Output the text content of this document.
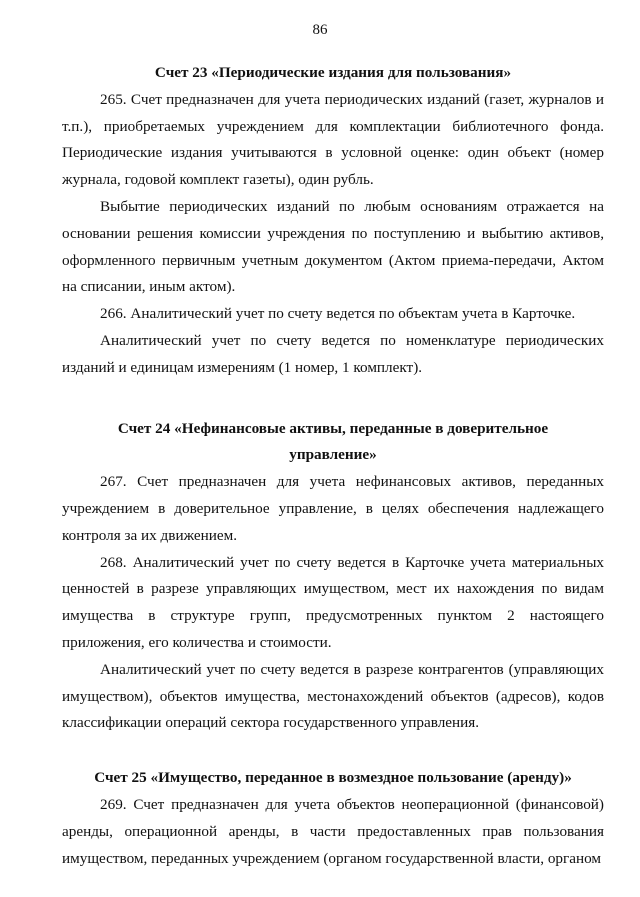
86
Счет 23 «Периодические издания для пользования»

265. Счет предназначен для учета периодических изданий (газет, журналов и т.п.), приобретаемых учреждением для комплектации библиотечного фонда. Периодические издания учитываются в условной оценке: один объект (номер журнала, годовой комплект газеты), один рубль.

Выбытие периодических изданий по любым основаниям отражается на основании решения комиссии учреждения по поступлению и выбытию активов, оформленного первичным учетным документом (Актом приема-передачи, Актом на списании, иным актом).

266. Аналитический учет по счету ведется по объектам учета в Карточке.

Аналитический учет по счету ведется по номенклатуре периодических изданий и единицам измерениям (1 номер, 1 комплект).

Счет 24 «Нефинансовые активы, переданные в доверительное управление»

267. Счет предназначен для учета нефинансовых активов, переданных учреждением в доверительное управление, в целях обеспечения надлежащего контроля за их движением.

268. Аналитический учет по счету ведется в Карточке учета материальных ценностей в разрезе управляющих имуществом, мест их нахождения по видам имущества в структуре групп, предусмотренных пунктом 2 настоящего приложения, его количества и стоимости.

Аналитический учет по счету ведется в разрезе контрагентов (управляющих имуществом), объектов имущества, местонахождений объектов (адресов), кодов классификации операций сектора государственного управления.

Счет 25 «Имущество, переданное в возмездное пользование (аренду)»

269. Счет предназначен для учета объектов неоперационной (финансовой) аренды, операционной аренды, в части предоставленных прав пользования имуществом, переданных учреждением (органом государственной власти, органом
